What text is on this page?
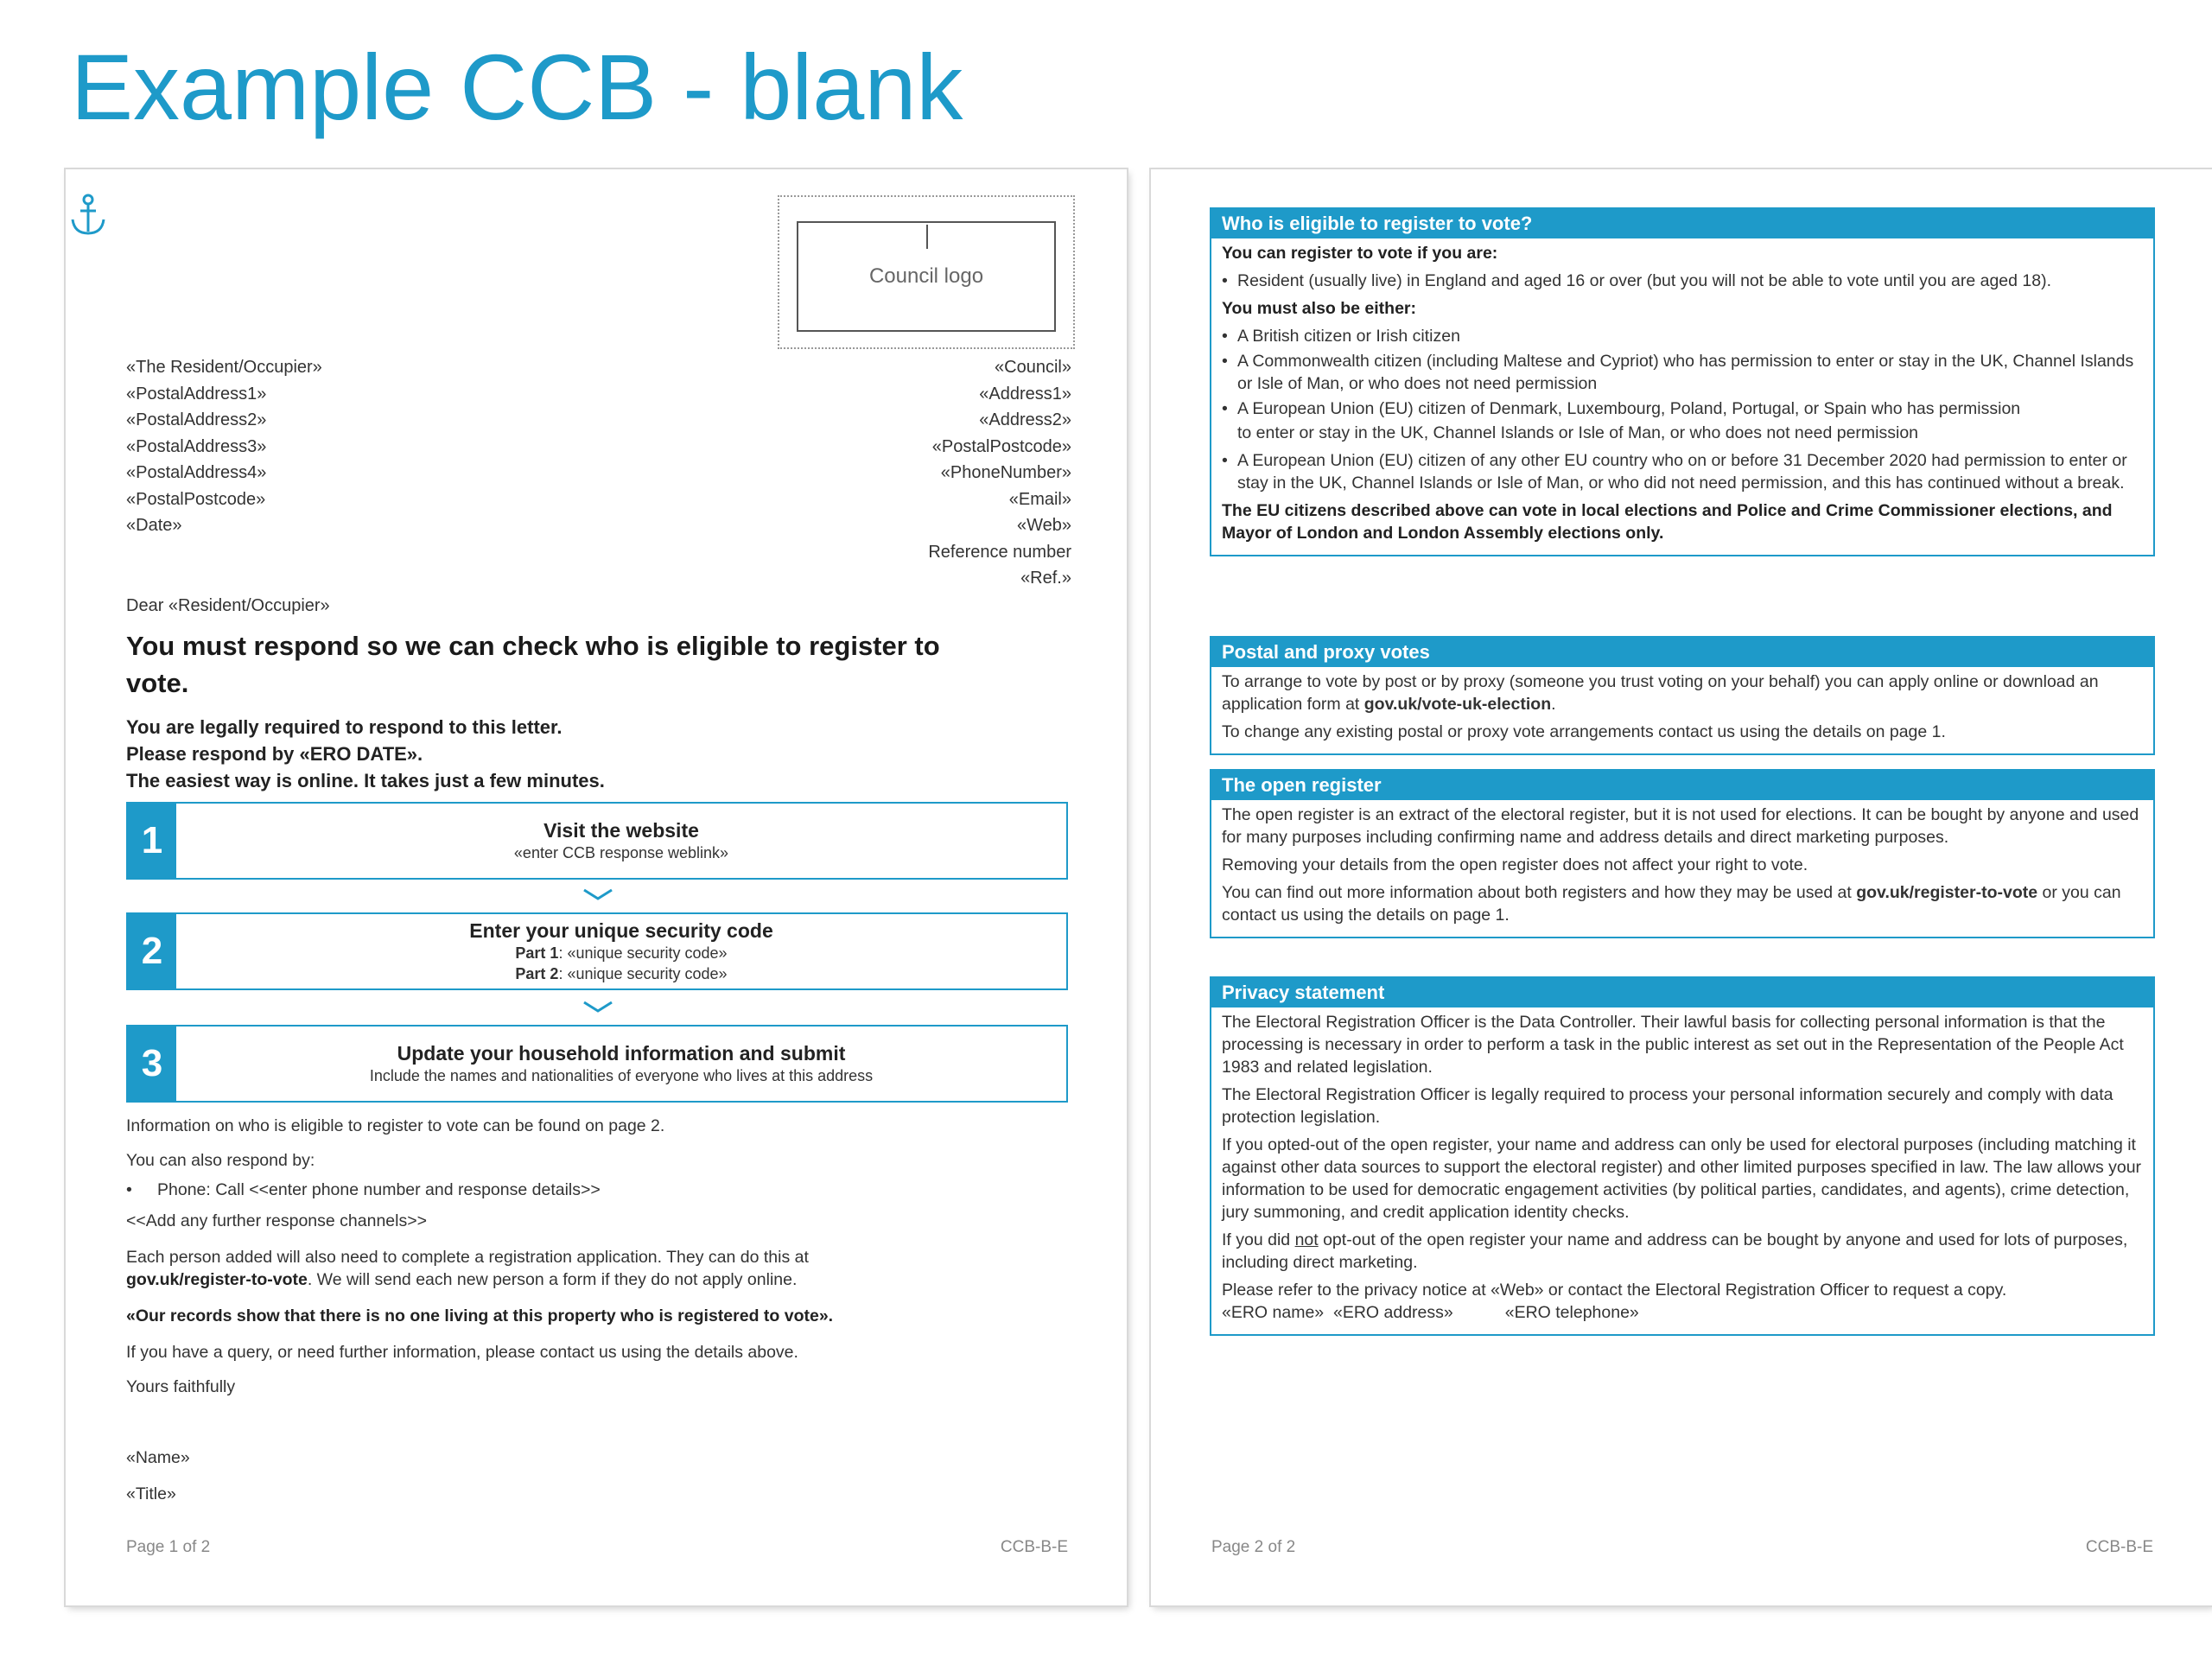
Example CCB - blank
Council logo
«The Resident/Occupier»
«PostalAddress1»
«PostalAddress2»
«PostalAddress3»
«PostalAddress4»
«PostalPostcode»
«Date»
«Council»
«Address1»
«Address2»
«PostalPostcode»
«PhoneNumber»
«Email»
«Web»
Reference number
«Ref.»
Dear «Resident/Occupier»
You must respond so we can check who is eligible to register to vote.
You are legally required to respond to this letter.
Please respond by «ERO DATE».
The easiest way is online. It takes just a few minutes.
1	Visit the website
«enter CCB response weblink»
2	Enter your unique security code
Part 1: «unique security code»
Part 2: «unique security code»
3	Update your household information and submit
Include the names and nationalities of everyone who lives at this address
Information on who is eligible to register to vote can be found on page 2.
You can also respond by:
• Phone: Call <<enter phone number and response details>>
<<Add any further response channels>>
Each person added will also need to complete a registration application. They can do this at
gov.uk/register-to-vote. We will send each new person a form if they do not apply online.
«Our records show that there is no one living at this property who is registered to vote».
If you have a query, or need further information, please contact us using the details above.
Yours faithfully
«Name»
«Title»
Page 1 of 2	CCB-B-E
Who is eligible to register to vote?

You can register to vote if you are:

• Resident (usually live) in England and aged 16 or over (but you will not be able to vote until you are aged 18).

You must also be either:

• A British citizen or Irish citizen
• A Commonwealth citizen (including Maltese and Cypriot) who has permission to enter or stay in the UK, Channel Islands or Isle of Man, or who does not need permission
• A European Union (EU) citizen of Denmark, Luxembourg, Poland, Portugal, or Spain who has permission

to enter or stay in the UK, Channel Islands or Isle of Man, or who does not need permission

• A European Union (EU) citizen of any other EU country who on or before 31 December 2020 had permission to enter or stay in the UK, Channel Islands or Isle of Man, or who did not need permission, and this has continued without a break.

The EU citizens described above can vote in local elections and Police and Crime Commissioner elections, and Mayor of London and London Assembly elections only.

Postal and proxy votes

To arrange to vote by post or by proxy (someone you trust voting on your behalf) you can apply online or download an application form at gov.uk/vote-uk-election.

To change any existing postal or proxy vote arrangements contact us using the details on page 1.

The open register

The open register is an extract of the electoral register, but it is not used for elections. It can be bought by anyone and used for many purposes including confirming name and address details and direct marketing purposes.

Removing your details from the open register does not affect your right to vote.

You can find out more information about both registers and how they may be used at gov.uk/register-to-vote or you can contact us using the details on page 1.

Privacy statement

The Electoral Registration Officer is the Data Controller. Their lawful basis for collecting personal information is that the processing is necessary in order to perform a task in the public interest as set out in the Representation of the People Act 1983 and related legislation.

The Electoral Registration Officer is legally required to process your personal information securely and comply with data protection legislation.

If you opted-out of the open register, your name and address can only be used for electoral purposes (including matching it against other data sources to support the electoral register) and other limited purposes specified in law. The law allows your information to be used for democratic engagement activities (by political parties, candidates, and agents), crime detection, jury summoning, and credit application identity checks.

If you did not opt-out of the open register your name and address can be bought by anyone and used for lots of purposes, including direct marketing.

Please refer to the privacy notice at «Web» or contact the Electoral Registration Officer to request a copy.

«ERO name» «ERO address»	«ERO telephone»

Page 2 of 2	CCB-B-E
